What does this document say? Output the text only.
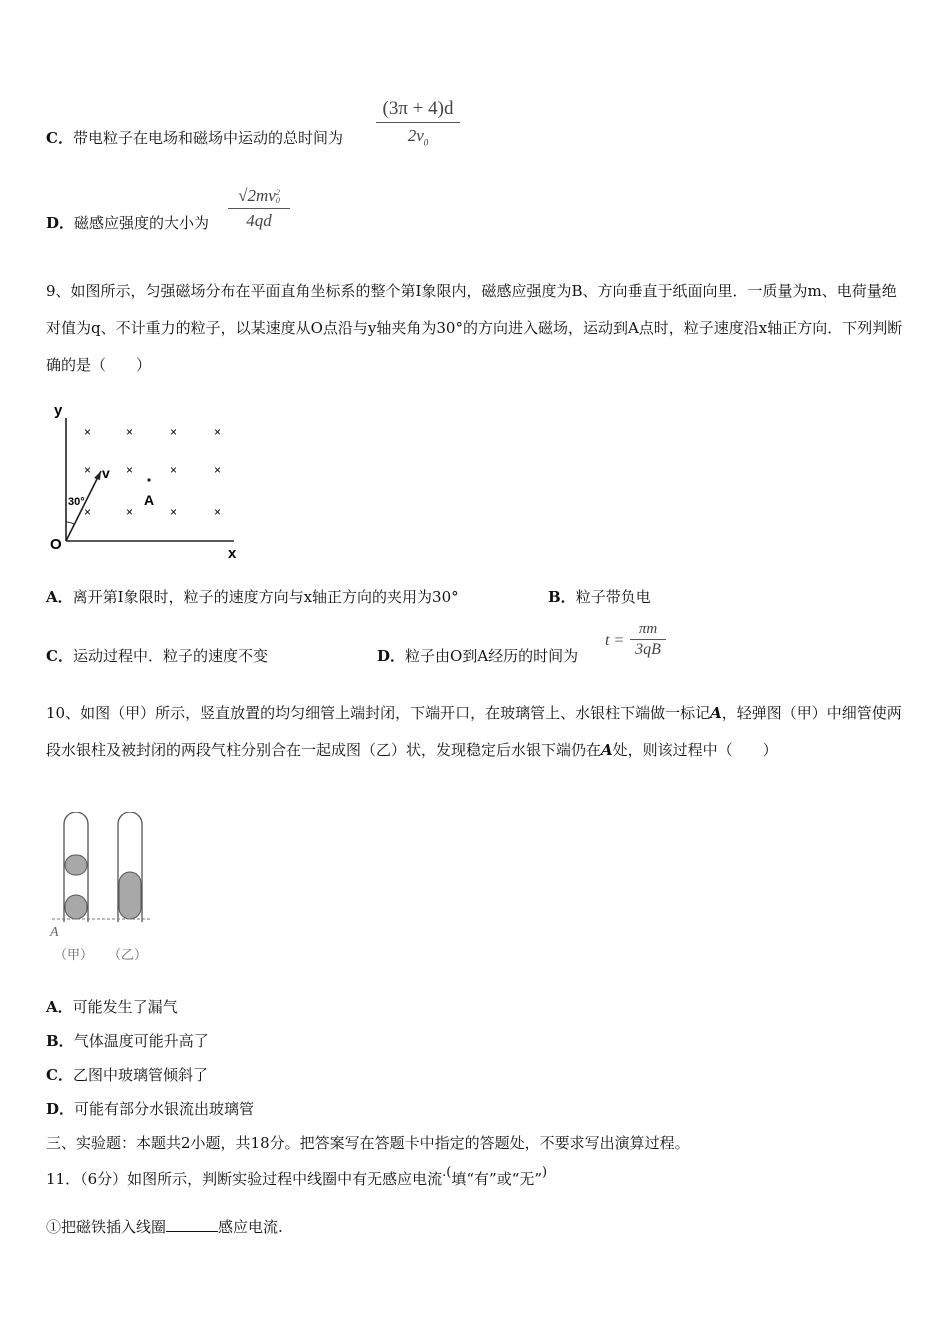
C．带电粒子在电场和磁场中运动的总时间为 $\frac{(3\pi + 4)d}{2v_0}$
D．磁感应强度的大小为
√2mv2
0
4qd
9、如图所示，匀强磁场分布在平面直角坐标系的整个第Ⅰ象限内，磁感应强度为B、方向垂直于纸面向里．一质量为m、电荷量绝对值为q、不计重力的粒子，以某速度从O点沿与y轴夹角为30°的方向进入磁场，运动到A点时，粒子速度沿x轴正方向．下列判断确的是（　　）
y
x
O
×	×	×	×
×	×	×	×
×	×	×	×
v
30°	A
A．离开第Ⅰ象限时，粒子的速度方向与x轴正方向的夹用为30°	B．粒子带负电
C．运动过程中．粒子的速度不变	D．粒子由O到A经历的时间为
$t = \frac{\pi m}{3qB}$
10、如图（甲）所示，竖直放置的均匀细管上端封闭，下端开口，在玻璃管上、水银柱下端做一标记A，轻弹图（甲）中细管使两段水银柱及被封闭的两段气柱分别合在一起成图（乙）状，发现稳定后水银下端仍在A处，则该过程中（　　）
A
（甲） （乙）
A．可能发生了漏气
B．气体温度可能升高了
C．乙图中玻璃管倾斜了
D．可能有部分水银流出玻璃管
三、实验题：本题共2小题，共18分。把答案写在答题卡中指定的答题处，不要求写出演算过程。
11．（6分）如图所示，判断实验过程中线圈中有无感应电流.(填“有”或“无”)
①把磁铁插入线圈	感应电流.
